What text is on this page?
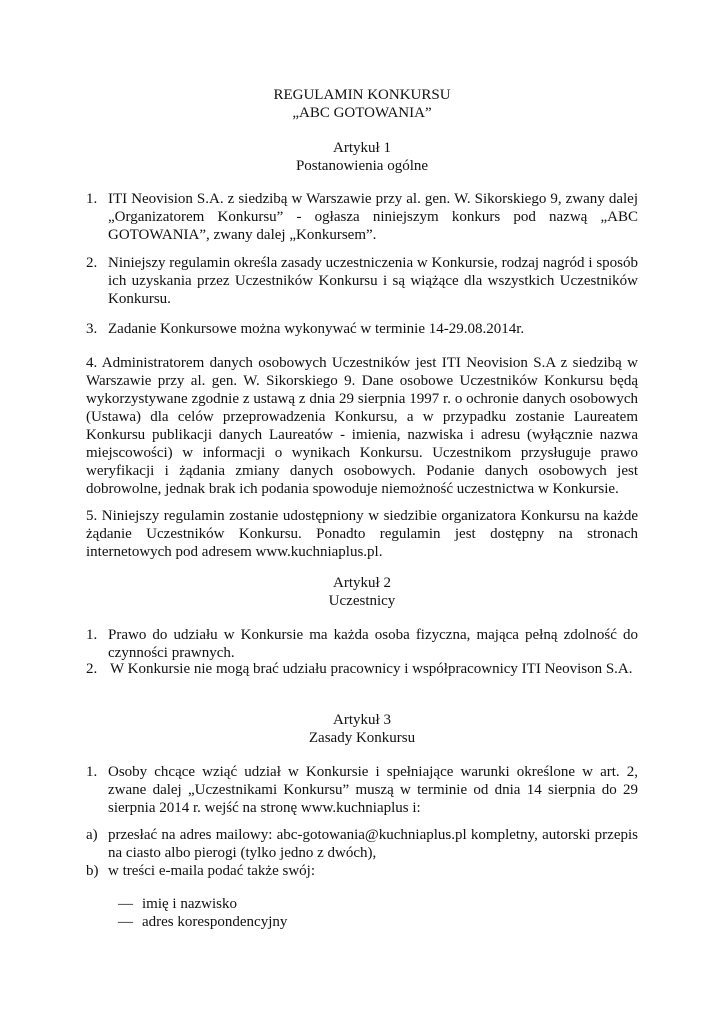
REGULAMIN KONKURSU
„ABC GOTOWANIA”
Artykuł 1
Postanowienia ogólne
1. ITI Neovision S.A. z siedzibą w Warszawie przy al. gen. W. Sikorskiego 9, zwany dalej „Organizatorem Konkursu” - ogłasza niniejszym konkurs pod nazwą „ABC GOTOWANIA”, zwany dalej „Konkursem”.
2. Niniejszy regulamin określa zasady uczestniczenia w Konkursie, rodzaj nagród i sposób ich uzyskania przez Uczestników Konkursu i są wiążące dla wszystkich Uczestników Konkursu.
3. Zadanie Konkursowe można wykonywać w terminie 14-29.08.2014r.
4. Administratorem danych osobowych Uczestników jest ITI Neovision S.A z siedzibą w Warszawie przy al. gen. W. Sikorskiego 9. Dane osobowe Uczestników Konkursu będą wykorzystywane zgodnie z ustawą z dnia 29 sierpnia 1997 r. o ochronie danych osobowych (Ustawa) dla celów przeprowadzenia Konkursu, a w przypadku zostanie Laureatem Konkursu publikacji danych Laureatów - imienia, nazwiska i adresu (wyłącznie nazwa miejscowości) w informacji o wynikach Konkursu. Uczestnikom przysługuje prawo weryfikacji i żądania zmiany danych osobowych. Podanie danych osobowych jest dobrowolne, jednak brak ich podania spowoduje niemożność uczestnictwa w Konkursie.
5. Niniejszy regulamin zostanie udostępniony w siedzibie organizatora Konkursu na każde żądanie Uczestników Konkursu. Ponadto regulamin jest dostępny na stronach internetowych pod adresem www.kuchniaplus.pl.
Artykuł 2
Uczestnicy
1. Prawo do udziału w Konkursie ma każda osoba fizyczna, mająca pełną zdolność do czynności prawnych.
2. W Konkursie nie mogą brać udziału pracownicy i współpracownicy ITI Neovison S.A.
Artykuł 3
Zasady Konkursu
1. Osoby chcące wziąć udział w Konkursie i spełniające warunki określone w art. 2, zwane dalej „Uczestnikami Konkursu” muszą w terminie od dnia 14 sierpnia do 29 sierpnia 2014 r. wejść na stronę www.kuchniaplus i:
a) przesłać na adres mailowy: abc-gotowania@kuchniaplus.pl kompletny, autorski przepis na ciasto albo pierogi (tylko jedno z dwóch),
b) w treści e-maila podać także swój:
— imię i nazwisko
— adres korespondencyjny
